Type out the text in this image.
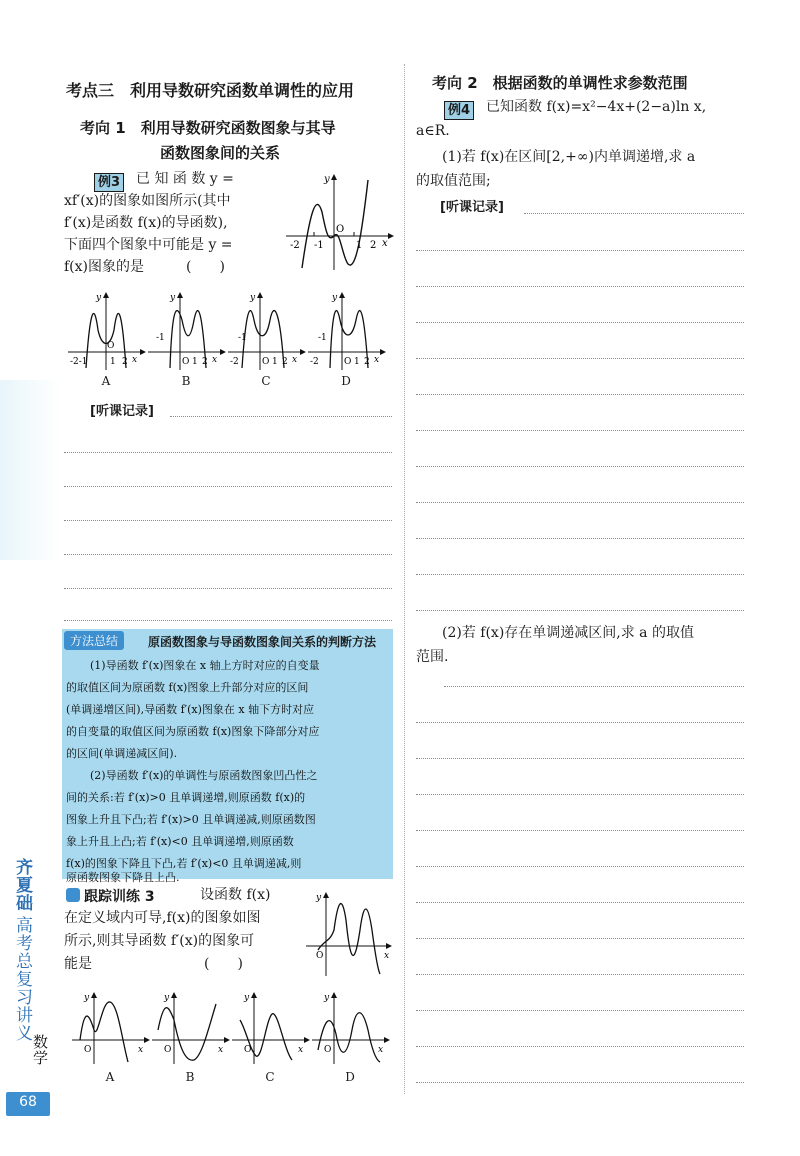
考点三　利用导数研究函数单调性的应用
考向 1　利用导数研究函数图象与其导
函数图象间的关系
例3 已 知 函 数 y =
xf′(x)的图象如图所示(其中
f′(x)是函数 f(x)的导函数),
下面四个图象中可能是 y =
f(x)图象的是　　　(　　)
-2 -1
O
1 2 x
y
-2-1
O
1 2 x
y
-1
O 1 2 x
y
-1
-2	O 1 2 x
y
-1
-2	O 1 2 x
y
A	B	C	D
[听课记录]
方法总结	原函数图象与导函数图象间关系的判断方法
(1)导函数 f′(x)图象在 x 轴上方时对应的自变量
的取值区间为原函数 f(x)图象上升部分对应的区间
(单调递增区间),导函数 f′(x)图象在 x 轴下方时对应
的自变量的取值区间为原函数 f(x)图象下降部分对应
的区间(单调递减区间).
(2)导函数 f′(x)的单调性与原函数图象凹凸性之
间的关系:若 f′(x)>0 且单调递增,则原函数 f(x)的
图象上升且下凸;若 f′(x)>0 且单调递减,则原函数图
象上升且上凸;若 f′(x)<0 且单调递增,则原函数
f(x)的图象下降且下凸,若 f′(x)<0 且单调递减,则
原函数图象下降且上凸.
跟踪训练 3	设函数 f(x)
在定义域内可导,f(x)的图象如图
所示,则其导函数 f′(x)的图象可
能是　　　　　　　　(　　)	O	x
y
O	x
y
O	x
y
O	x
y
O	x
y
A	B	C	D
考向 2　根据函数的单调性求参数范围
例4 已知函数 f(x)=x²−4x+(2−a)ln x,
a∈R.
(1)若 f(x)在区间[2,+∞)内单调递增,求 a
的取值范围;
[听课记录]
(2)若 f(x)存在单调递减区间,求 a 的取值
范围.
齐夏础
高考总复习讲义
数学
68
